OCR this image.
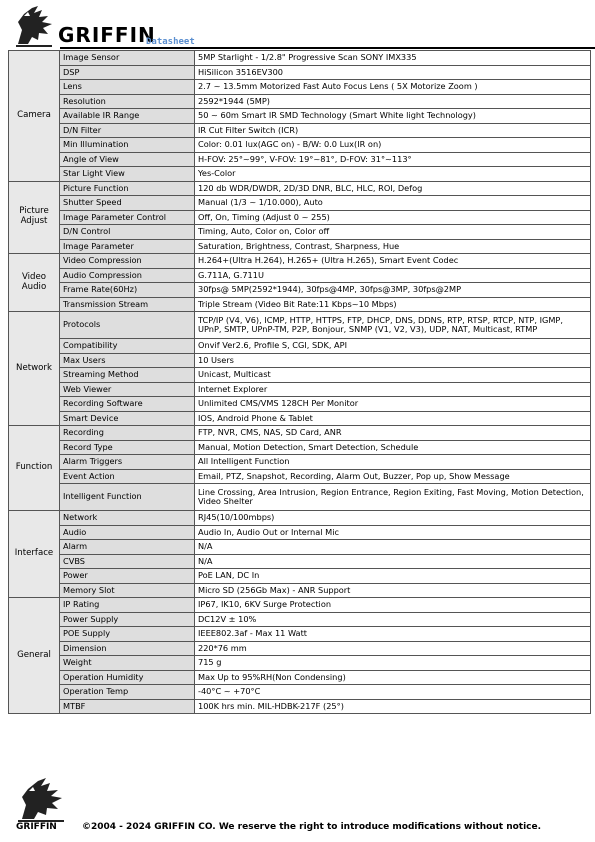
GRIFFIN
Datasheet
Camera	Image Sensor	5MP Starlight - 1/2.8" Progressive Scan SONY IMX335
	DSP	HiSilicon 3516EV300
	Lens	2.7 ~ 13.5mm Motorized Fast Auto Focus Lens ( 5X Motorize Zoom )
	Resolution	2592*1944 (5MP)
	Available IR Range	50 ~ 60m Smart IR SMD Technology (Smart White light Technology)
	D/N Filter	IR Cut Filter Switch (ICR)
	Min Illumination	Color: 0.01 lux(AGC on) - B/W: 0.0 Lux(IR on)
	Angle of View	H-FOV: 25°~99°, V-FOV: 19°~81°, D-FOV: 31°~113°
	Star Light View	Yes-Color
Picture Adjust	Picture Function	120 db WDR/DWDR, 2D/3D DNR, BLC, HLC, ROI, Defog
	Shutter Speed	Manual (1/3 ~ 1/10.000), Auto
	Image Parameter Control	Off, On, Timing (Adjust 0 ~ 255)
	D/N Control	Timing, Auto, Color on, Color off
	Image Parameter	Saturation, Brightness, Contrast, Sharpness, Hue
Video Audio	Video Compression	H.264+(Ultra H.264), H.265+ (Ultra H.265), Smart Event Codec
	Audio Compression	G.711A, G.711U
	Frame Rate(60Hz)	30fps@ 5MP(2592*1944), 30fps@4MP, 30fps@3MP, 30fps@2MP
	Transmission Stream	Triple Stream (Video Bit Rate:11 Kbps~10 Mbps)
Network	Protocols	TCP/IP (V4, V6), ICMP, HTTP, HTTPS, FTP, DHCP, DNS, DDNS, RTP, RTSP, RTCP, NTP, IGMP, UPnP, SMTP, UPnP-TM, P2P, Bonjour, SNMP (V1, V2, V3), UDP, NAT, Multicast, RTMP
	Compatibility	Onvif Ver2.6, Profile S, CGI, SDK, API
	Max Users	10 Users
	Streaming Method	Unicast, Multicast
	Web Viewer	Internet Explorer
	Recording Software	Unlimited CMS/VMS 128CH Per Monitor
	Smart Device	IOS, Android Phone & Tablet
Function	Recording	FTP, NVR, CMS, NAS, SD Card, ANR
	Record Type	Manual, Motion Detection, Smart Detection, Schedule
	Alarm Triggers	All Intelligent Function
	Event Action	Email, PTZ, Snapshot, Recording, Alarm Out, Buzzer, Pop up, Show Message
	Intelligent Function	Line Crossing, Area Intrusion, Region Entrance, Region Exiting, Fast Moving, Motion Detection, Video Shelter
Interface	Network	RJ45(10/100mbps)
	Audio	Audio In, Audio Out or Internal Mic
	Alarm	N/A
	CVBS	N/A
	Power	PoE LAN, DC In
	Memory Slot	Micro SD (256Gb Max) - ANR Support
General	IP Rating	IP67, IK10, 6KV Surge Protection
	Power Supply	DC12V ± 10%
	POE Supply	IEEE802.3af - Max 11 Watt
	Dimension	220*76 mm
	Weight	715 g
	Operation Humidity	Max Up to 95%RH(Non Condensing)
	Operation Temp	-40°C ~ +70°C
	MTBF	100K hrs min. MIL-HDBK-217F (25°)
GRIFFIN	©2004 - 2024 GRIFFIN CO. We reserve the right to introduce modifications without notice.
